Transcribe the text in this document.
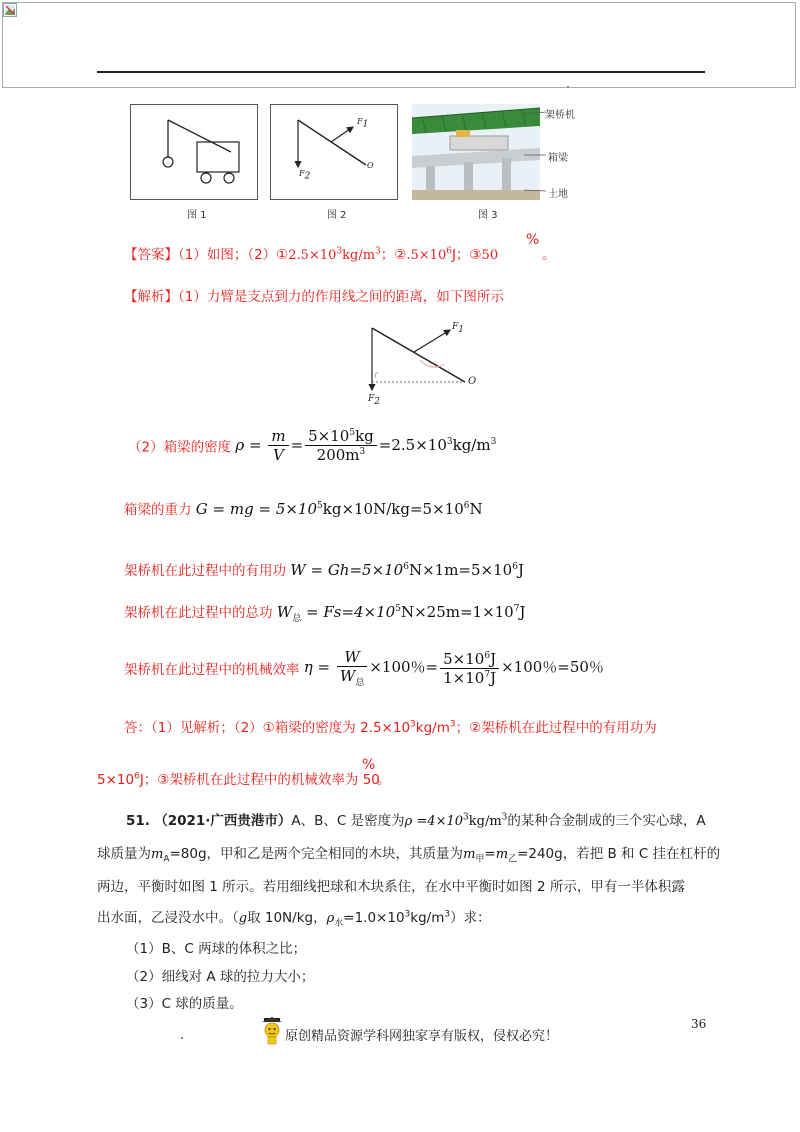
图 1
$F_1$
$F_2$
O
图 2
架桥机
箱梁
土地
图 3
【答案】（1）如图；$(2)①2.5\times 10^3kg/m^3$；$②.5\times 10^6J$；③50
%
。
【解析】（1）力臂是支点到力的作用线之间的距离，如下图所示
$F_1$
$F_2$
O
（2）箱梁的密度 $\rho = \frac{m}{V} = \frac{5\times 10^5kg}{200m^3} =2.5\times 10^3kg/m^3$
箱梁的重力 G = mg = $5\times 10^5kg\times 10N/kg=5\times 10^6N$
架桥机在此过程中的有用功 $W = Gh=5\times 10^6N\times 1m=5\times 10^6J$
架桥机在此过程中的总功 $W_总 = Fs=4\times 10^5N\times 25m=1\times 10^7J$
架桥机在此过程中的机械效率 $\eta = \frac{W}{W_总} \times 100$％= $\frac{5\times 10^6J}{1\times 10^7J} \times 100$％=50％
答：（1）见解析；（2）①箱梁的密度为 $2.5\times 10^3kg/m^3$；②架桥机在此过程中的有用功为
$5\times 10^6J$；③架桥机在此过程中的机械效率为 50
%
。
51. （2021·广西贵港市）A、B、C 是密度为$\rho =4\times 10^3kg/m^3$的某种合金制成的三个实心球，A
球质量为$m_A=80g$，甲和乙是两个完全相同的木块，其质量为$m_甲=m_乙=240g$，若把 B 和 C 挂在杠杆的
两边，平衡时如图 1 所示。若用细线把球和木块系住，在水中平衡时如图 2 所示，甲有一半体积露
出水面，乙浸没水中。（g取 10N/kg，$\rho_水=1.0\times 10^3kg/m^3$）求：
（1）B、C 两球的体积之比；
（2）细线对 A 球的拉力大小；
（3）C 球的质量。
36
原创精品资源学科网独家享有版权，侵权必究！
